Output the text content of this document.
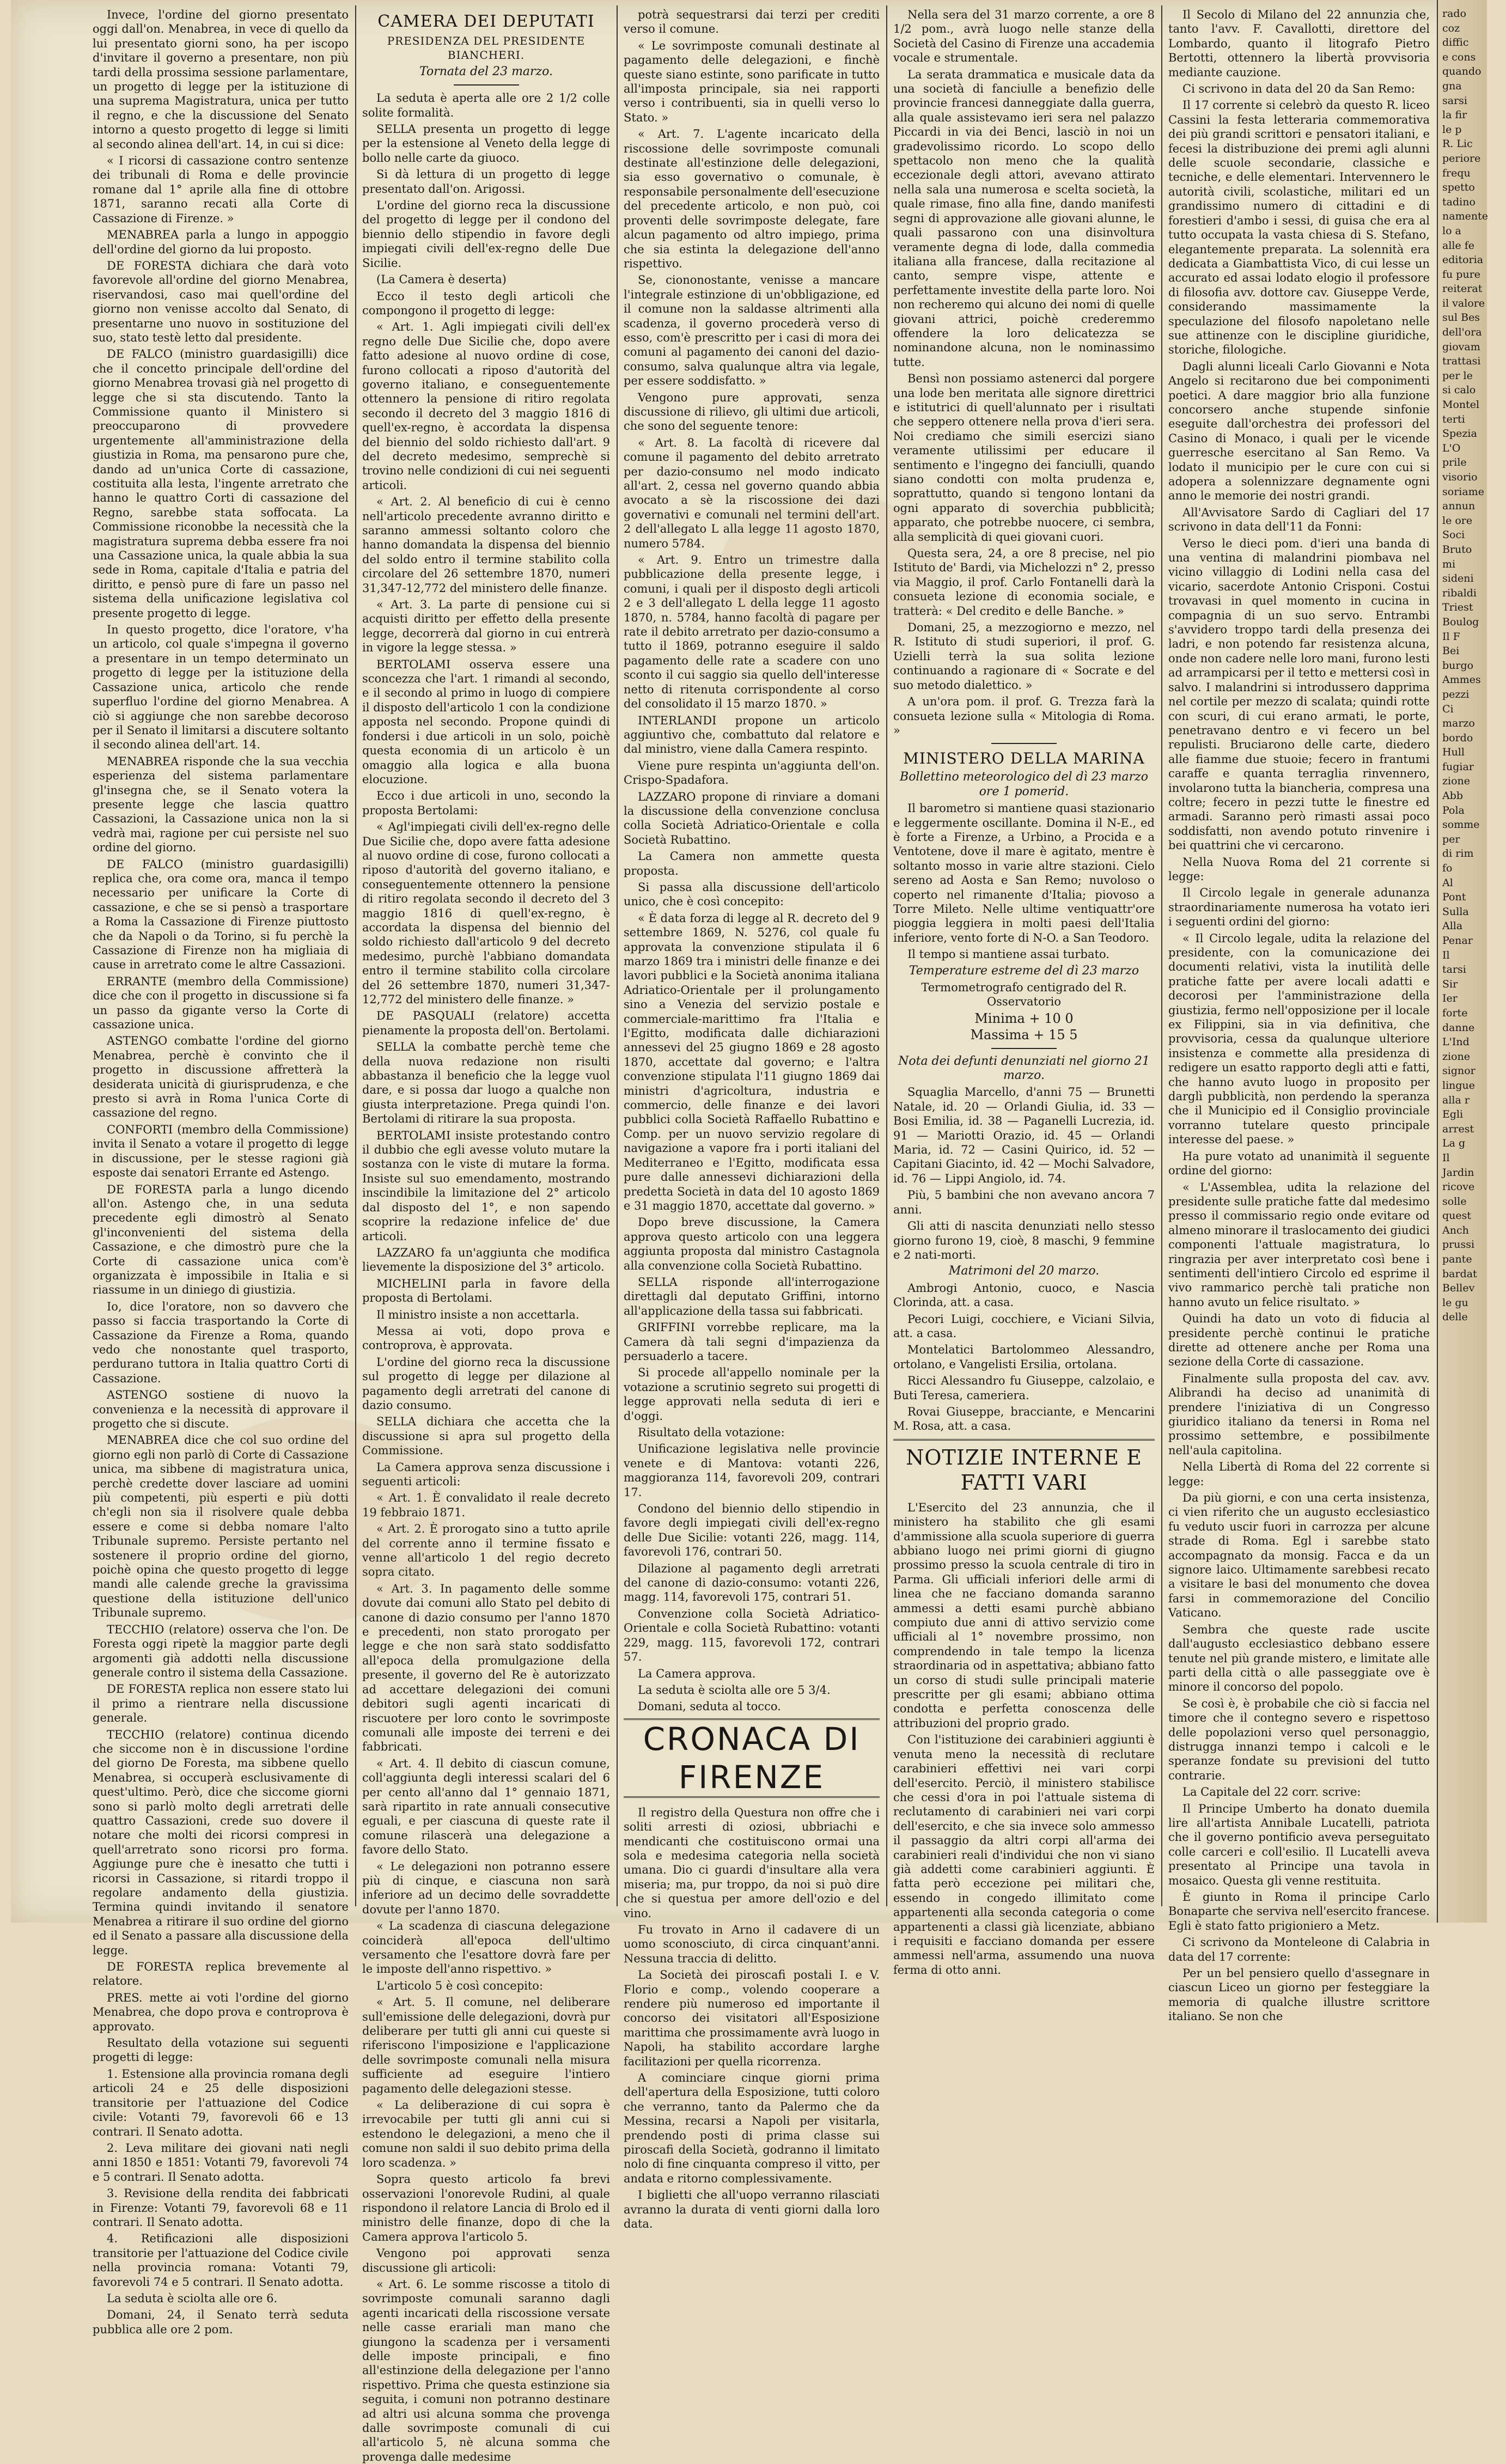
Invece, l'ordine del giorno presentato oggi dall'on. Menabrea, in vece di quello da lui presentato giorni sono, ha per iscopo d'invitare il governo a presentare, non più tardi della prossima sessione parlamentare, un progetto di legge per la istituzione di una suprema Magistratura, unica per tutto il regno, e che la discussione del Senato intorno a questo progetto di legge si limiti al secondo alinea dell'art. 14, in cui si dice:

« I ricorsi di cassazione contro sentenze dei tribunali di Roma e delle provincie romane dal 1° aprile alla fine di ottobre 1871, saranno recati alla Corte di Cassazione di Firenze. »

MENABREA parla a lungo in appoggio dell'ordine del giorno da lui proposto.

DE FORESTA dichiara che darà voto favorevole all'ordine del giorno Menabrea, riservandosi, caso mai quell'ordine del giorno non venisse accolto dal Senato, di presentarne uno nuovo in sostituzione del suo, stato testè letto dal presidente.

DE FALCO (ministro guardasigilli) dice che il concetto principale dell'ordine del giorno Menabrea trovasi già nel progetto di legge che si sta discutendo. Tanto la Commissione quanto il Ministero si preoccuparono di provvedere urgentemente all'amministrazione della giustizia in Roma, ma pensarono pure che, dando ad un'unica Corte di cassazione, costituita alla lesta, l'ingente arretrato che hanno le quattro Corti di cassazione del Regno, sarebbe stata soffocata. La Commissione riconobbe la necessità che la magistratura suprema debba essere fra noi una Cassazione unica, la quale abbia la sua sede in Roma, capitale d'Italia e patria del diritto, e pensò pure di fare un passo nel sistema della unificazione legislativa col presente progetto di legge.

In questo progetto, dice l'oratore, v'ha un articolo, col quale s'impegna il governo a presentare in un tempo determinato un progetto di legge per la istituzione della Cassazione unica, articolo che rende superfluo l'ordine del giorno Menabrea. A ciò si aggiunge che non sarebbe decoroso per il Senato il limitarsi a discutere soltanto il secondo alinea dell'art. 14.

MENABREA risponde che la sua vecchia esperienza del sistema parlamentare gl'insegna che, se il Senato votera la presente legge che lascia quattro Cassazioni, la Cassazione unica non la si vedrà mai, ragione per cui persiste nel suo ordine del giorno.

DE FALCO (ministro guardasigilli) replica che, ora come ora, manca il tempo necessario per unificare la Corte di cassazione, e che se si pensò a trasportare a Roma la Cassazione di Firenze piuttosto che da Napoli o da Torino, si fu perchè la Cassazione di Firenze non ha migliaia di cause in arretrato come le altre Cassazioni.

ERRANTE (membro della Commissione) dice che con il progetto in discussione si fa un passo da gigante verso la Corte di cassazione unica.

ASTENGO combatte l'ordine del giorno Menabrea, perchè è convinto che il progetto in discussione affretterà la desiderata unicità di giurisprudenza, e che presto si avrà in Roma l'unica Corte di cassazione del regno.

CONFORTI (membro della Commissione) invita il Senato a votare il progetto di legge in discussione, per le stesse ragioni già esposte dai senatori Errante ed Astengo.

DE FORESTA parla a lungo dicendo all'on. Astengo che, in una seduta precedente egli dimostrò al Senato gl'inconvenienti del sistema della Cassazione, e che dimostrò pure che la Corte di cassazione unica com'è organizzata è impossibile in Italia e si riassume in un diniego di giustizia.

Io, dice l'oratore, non so davvero che passo si faccia trasportando la Corte di Cassazione da Firenze a Roma, quando vedo che nonostante quel trasporto, perdurano tuttora in Italia quattro Corti di Cassazione.

ASTENGO sostiene di nuovo la convenienza e la necessità di approvare il progetto che si discute.

MENABREA dice che col suo ordine del giorno egli non parlò di Corte di Cassazione unica, ma sibbene di magistratura unica, perchè credette dover lasciare ad uomini più competenti, più esperti e più dotti ch'egli non sia il risolvere quale debba essere e come si debba nomare l'alto Tribunale supremo. Persiste pertanto nel sostenere il proprio ordine del giorno, poichè opina che questo progetto di legge mandi alle calende greche la gravissima questione della istituzione dell'unico Tribunale supremo.

TECCHIO (relatore) osserva che l'on. De Foresta oggi ripetè la maggior parte degli argomenti già addotti nella discussione generale contro il sistema della Cassazione.

DE FORESTA replica non essere stato lui il primo a rientrare nella discussione generale.

TECCHIO (relatore) continua dicendo che siccome non è in discussione l'ordine del giorno De Foresta, ma sibbene quello Menabrea, si occuperà esclusivamente di quest'ultimo. Però, dice che siccome giorni sono si parlò molto degli arretrati delle quattro Cassazioni, crede suo dovere il notare che molti dei ricorsi compresi in quell'arretrato sono ricorsi pro forma. Aggiunge pure che è inesatto che tutti i ricorsi in Cassazione, si ritardi troppo il regolare andamento della giustizia. Termina quindi invitando il senatore Menabrea a ritirare il suo ordine del giorno ed il Senato a passare alla discussione della legge.

DE FORESTA replica brevemente al relatore.

PRES. mette ai voti l'ordine del giorno Menabrea, che dopo prova e controprova è approvato.

Resultato della votazione sui seguenti progetti di legge:

1. Estensione alla provincia romana degli articoli 24 e 25 delle disposizioni transitorie per l'attuazione del Codice civile: Votanti 79, favorevoli 66 e 13 contrari. Il Senato adotta.

2. Leva militare dei giovani nati negli anni 1850 e 1851: Votanti 79, favorevoli 74 e 5 contrari. Il Senato adotta.

3. Revisione della rendita dei fabbricati in Firenze: Votanti 79, favorevoli 68 e 11 contrari. Il Senato adotta.

4. Retificazioni alle disposizioni transitorie per l'attuazione del Codice civile nella provincia romana: Votanti 79, favorevoli 74 e 5 contrari. Il Senato adotta.

La seduta è sciolta alle ore 6.

Domani, 24, il Senato terrà seduta pubblica alle ore 2 pom.

CAMERA DEI DEPUTATI
PRESIDENZA DEL PRESIDENTE BIANCHERI.
Tornata del 23 marzo.

La seduta è aperta alle ore 2 1/2 colle solite formalità.

SELLA presenta un progetto di legge per la estensione al Veneto della legge di bollo nelle carte da giuoco.

Si dà lettura di un progetto di legge presentato dall'on. Arigossi.

L'ordine del giorno reca la discussione del progetto di legge per il condono del biennio dello stipendio in favore degli impiegati civili dell'ex-regno delle Due Sicilie.

(La Camera è deserta)

Ecco il testo degli articoli che compongono il progetto di legge:

« Art. 1. Agli impiegati civili dell'ex regno delle Due Sicilie che, dopo avere fatto adesione al nuovo ordine di cose, furono collocati a riposo d'autorità del governo italiano, e conseguentemente ottennero la pensione di ritiro regolata secondo il decreto del 3 maggio 1816 di quell'ex-regno, è accordata la dispensa del biennio del soldo richiesto dall'art. 9 del decreto medesimo, semprechè si trovino nelle condizioni di cui nei seguenti articoli.

« Art. 2. Al beneficio di cui è cenno nell'articolo precedente avranno diritto e saranno ammessi soltanto coloro che hanno domandata la dispensa del biennio del soldo entro il termine stabilito colla circolare del 26 settembre 1870, numeri 31,347-12,772 del ministero delle finanze.

« Art. 3. La parte di pensione cui si acquisti diritto per effetto della presente legge, decorrerà dal giorno in cui entrerà in vigore la legge stessa. »

BERTOLAMI osserva essere una sconcezza che l'art. 1 rimandi al secondo, e il secondo al primo in luogo di compiere il disposto dell'articolo 1 con la condizione apposta nel secondo. Propone quindi di fondersi i due articoli in un solo, poichè questa economia di un articolo è un omaggio alla logica e alla buona elocuzione.

Ecco i due articoli in uno, secondo la proposta Bertolami:

« Agl'impiegati civili dell'ex-regno delle Due Sicilie che, dopo avere fatta adesione al nuovo ordine di cose, furono collocati a riposo d'autorità del governo italiano, e conseguentemente ottennero la pensione di ritiro regolata secondo il decreto del 3 maggio 1816 di quell'ex-regno, è accordata la dispensa del biennio del soldo richiesto dall'articolo 9 del decreto medesimo, purchè l'abbiano domandata entro il termine stabilito colla circolare del 26 settembre 1870, numeri 31,347-12,772 del ministero delle finanze. »

DE PASQUALI (relatore) accetta pienamente la proposta dell'on. Bertolami.

SELLA la combatte perchè teme che della nuova redazione non risulti abbastanza il beneficio che la legge vuol dare, e si possa dar luogo a qualche non giusta interpretazione. Prega quindi l'on. Bertolami di ritirare la sua proposta.

BERTOLAMI insiste protestando contro il dubbio che egli avesse voluto mutare la sostanza con le viste di mutare la forma. Insiste sul suo emendamento, mostrando inscindibile la limitazione del 2° articolo dal disposto del 1°, e non sapendo scoprire la redazione infelice de' due articoli.

LAZZARO fa un'aggiunta che modifica lievemente la disposizione del 3° articolo.

MICHELINI parla in favore della proposta di Bertolami.

Il ministro insiste a non accettarla.

Messa ai voti, dopo prova e controprova, è approvata.

L'ordine del giorno reca la discussione sul progetto di legge per dilazione al pagamento degli arretrati del canone di dazio consumo.

SELLA dichiara che accetta che la discussione si apra sul progetto della Commissione.

La Camera approva senza discussione i seguenti articoli:

« Art. 1. È convalidato il reale decreto 19 febbraio 1871.

« Art. 2. È prorogato sino a tutto aprile del corrente anno il termine fissato e venne all'articolo 1 del regio decreto sopra citato.

« Art. 3. In pagamento delle somme dovute dai comuni allo Stato pel debito di canone di dazio consumo per l'anno 1870 e precedenti, non stato prorogato per legge e che non sarà stato soddisfatto all'epoca della promulgazione della presente, il governo del Re è autorizzato ad accettare delegazioni dei comuni debitori sugli agenti incaricati di riscuotere per loro conto le sovrimposte comunali alle imposte dei terreni e dei fabbricati.

« Art. 4. Il debito di ciascun comune, coll'aggiunta degli interessi scalari del 6 per cento all'anno dal 1° gennaio 1871, sarà ripartito in rate annuali consecutive eguali, e per ciascuna di queste rate il comune rilascerà una delegazione a favore dello Stato.

« Le delegazioni non potranno essere più di cinque, e ciascuna non sarà inferiore ad un decimo delle sovraddette dovute per l'anno 1870.

« La scadenza di ciascuna delegazione coinciderà all'epoca dell'ultimo versamento che l'esattore dovrà fare per le imposte dell'anno rispettivo. »

L'articolo 5 è così concepito:

« Art. 5. Il comune, nel deliberare sull'emissione delle delegazioni, dovrà pur deliberare per tutti gli anni cui queste si riferiscono l'imposizione e l'applicazione delle sovrimposte comunali nella misura sufficiente ad eseguire l'intiero pagamento delle delegazioni stesse.

« La deliberazione di cui sopra è irrevocabile per tutti gli anni cui si estendono le delegazioni, a meno che il comune non saldi il suo debito prima della loro scadenza. »

Sopra questo articolo fa brevi osservazioni l'onorevole Rudini, al quale rispondono il relatore Lancia di Brolo ed il ministro delle finanze, dopo di che la Camera approva l'articolo 5.

Vengono poi approvati senza discussione gli articoli:

« Art. 6. Le somme riscosse a titolo di sovrimposte comunali saranno dagli agenti incaricati della riscossione versate nelle casse erariali man mano che giungono la scadenza per i versamenti delle imposte principali, e fino all'estinzione della delegazione per l'anno rispettivo. Prima che questa estinzione sia seguita, i comuni non potranno destinare ad altri usi alcuna somma che provenga dalle sovrimposte comunali di cui all'articolo 5, nè alcuna somma che provenga dalle medesime

potrà sequestrarsi dai terzi per crediti verso il comune.

« Le sovrimposte comunali destinate al pagamento delle delegazioni, e finchè queste siano estinte, sono parificate in tutto all'imposta principale, sia nei rapporti verso i contribuenti, sia in quelli verso lo Stato. »

« Art. 7. L'agente incaricato della riscossione delle sovrimposte comunali destinate all'estinzione delle delegazioni, sia esso governativo o comunale, è responsabile personalmente dell'esecuzione del precedente articolo, e non può, coi proventi delle sovrimposte delegate, fare alcun pagamento od altro impiego, prima che sia estinta la delegazione dell'anno rispettivo.

Se, ciononostante, venisse a mancare l'integrale estinzione di un'obbligazione, ed il comune non la saldasse altrimenti alla scadenza, il governo procederà verso di esso, com'è prescritto per i casi di mora dei comuni al pagamento dei canoni del dazio-consumo, salva qualunque altra via legale, per essere soddisfatto. »

Vengono pure approvati, senza discussione di rilievo, gli ultimi due articoli, che sono del seguente tenore:

« Art. 8. La facoltà di ricevere dal comune il pagamento del debito arretrato per dazio-consumo nel modo indicato all'art. 2, cessa nel governo quando abbia avocato a sè la riscossione dei dazi governativi e comunali nel termini dell'art. 2 dell'allegato L alla legge 11 agosto 1870, numero 5784.

« Art. 9. Entro un trimestre dalla pubblicazione della presente legge, i comuni, i quali per il disposto degli articoli 2 e 3 dell'allegato L della legge 11 agosto 1870, n. 5784, hanno facoltà di pagare per rate il debito arretrato per dazio-consumo a tutto il 1869, potranno eseguire il saldo pagamento delle rate a scadere con uno sconto il cui saggio sia quello dell'interesse netto di ritenuta corrispondente al corso del consolidato il 15 marzo 1870. »

INTERLANDI propone un articolo aggiuntivo che, combattuto dal relatore e dal ministro, viene dalla Camera respinto.

Viene pure respinta un'aggiunta dell'on. Crispo-Spadafora.

LAZZARO propone di rinviare a domani la discussione della convenzione conclusa colla Società Adriatico-Orientale e colla Società Rubattino.

La Camera non ammette questa proposta.

Si passa alla discussione dell'articolo unico, che è così concepito:

« È data forza di legge al R. decreto del 9 settembre 1869, N. 5276, col quale fu approvata la convenzione stipulata il 6 marzo 1869 tra i ministri delle finanze e dei lavori pubblici e la Società anonima italiana Adriatico-Orientale per il prolungamento sino a Venezia del servizio postale e commerciale-marittimo fra l'Italia e l'Egitto, modificata dalle dichiarazioni annessevi del 25 giugno 1869 e 28 agosto 1870, accettate dal governo; e l'altra convenzione stipulata l'11 giugno 1869 dai ministri d'agricoltura, industria e commercio, delle finanze e dei lavori pubblici colla Società Raffaello Rubattino e Comp. per un nuovo servizio regolare di navigazione a vapore fra i porti italiani del Mediterraneo e l'Egitto, modificata essa pure dalle annessevi dichiarazioni della predetta Società in data del 10 agosto 1869 e 31 maggio 1870, accettate dal governo. »

Dopo breve discussione, la Camera approva questo articolo con una leggera aggiunta proposta dal ministro Castagnola alla convenzione colla Società Rubattino.

SELLA risponde all'interrogazione direttagli dal deputato Griffini, intorno all'applicazione della tassa sui fabbricati.

GRIFFINI vorrebbe replicare, ma la Camera dà tali segni d'impazienza da persuaderlo a tacere.

Si procede all'appello nominale per la votazione a scrutinio segreto sui progetti di legge approvati nella seduta di ieri e d'oggi.

Risultato della votazione:

Unificazione legislativa nelle provincie venete e di Mantova: votanti 226, maggioranza 114, favorevoli 209, contrari 17.

Condono del biennio dello stipendio in favore degli impiegati civili dell'ex-regno delle Due Sicilie: votanti 226, magg. 114, favorevoli 176, contrari 50.

Dilazione al pagamento degli arretrati del canone di dazio-consumo: votanti 226, magg. 114, favorevoli 175, contrari 51.

Convenzione colla Società Adriatico-Orientale e colla Società Rubattino: votanti 229, magg. 115, favorevoli 172, contrari 57.

La Camera approva.

La seduta è sciolta alle ore 5 3/4.

Domani, seduta al tocco.

CRONACA DI FIRENZE

Il registro della Questura non offre che i soliti arresti di oziosi, ubbriachi e mendicanti che costituiscono ormai una sola e medesima categoria nella società umana. Dio ci guardi d'insultare alla vera miseria; ma, pur troppo, da noi si può dire che si questua per amore dell'ozio e del vino.

Fu trovato in Arno il cadavere di un uomo sconosciuto, di circa cinquant'anni. Nessuna traccia di delitto.

La Società dei piroscafi postali I. e V. Florio e comp., volendo cooperare a rendere più numeroso ed importante il concorso dei visitatori all'Esposizione marittima che prossimamente avrà luogo in Napoli, ha stabilito accordare larghe facilitazioni per quella ricorrenza.

A cominciare cinque giorni prima dell'apertura della Esposizione, tutti coloro che verranno, tanto da Palermo che da Messina, recarsi a Napoli per visitarla, prendendo posti di prima classe sui piroscafi della Società, godranno il limitato nolo di fine cinquanta compreso il vitto, per andata e ritorno complessivamente.

I biglietti che all'uopo verranno rilasciati avranno la durata di venti giorni dalla loro data.

Nella sera del 31 marzo corrente, a ore 8 1/2 pom., avrà luogo nelle stanze della Società del Casino di Firenze una accademia vocale e strumentale.

La serata drammatica e musicale data da una società di fanciulle a benefizio delle provincie francesi danneggiate dalla guerra, alla quale assistevamo ieri sera nel palazzo Piccardi in via dei Benci, lasciò in noi un gradevolissimo ricordo. Lo scopo dello spettacolo non meno che la qualità eccezionale degli attori, avevano attirato nella sala una numerosa e scelta società, la quale rimase, fino alla fine, dando manifesti segni di approvazione alle giovani alunne, le quali passarono con una disinvoltura veramente degna di lode, dalla commedia italiana alla francese, dalla recitazione al canto, sempre vispe, attente e perfettamente investite della parte loro. Noi non recheremo qui alcuno dei nomi di quelle giovani attrici, poichè crederemmo offendere la loro delicatezza se nominandone alcuna, non le nominassimo tutte.

Bensì non possiamo astenerci dal porgere una lode ben meritata alle signore direttrici e istitutrici di quell'alunnato per i risultati che seppero ottenere nella prova d'ieri sera. Noi crediamo che simili esercizi siano veramente utilissimi per educare il sentimento e l'ingegno dei fanciulli, quando siano condotti con molta prudenza e, soprattutto, quando si tengono lontani da ogni apparato di soverchia pubblicità; apparato, che potrebbe nuocere, ci sembra, alla semplicità di quei giovani cuori.

Questa sera, 24, a ore 8 precise, nel pio Istituto de' Bardi, via Michelozzi n° 2, presso via Maggio, il prof. Carlo Fontanelli darà la consueta lezione di economia sociale, e tratterà: « Del credito e delle Banche. »

Domani, 25, a mezzogiorno e mezzo, nel R. Istituto di studi superiori, il prof. G. Uzielli terrà la sua solita lezione continuando a ragionare di « Socrate e del suo metodo dialettico. »

A un'ora pom. il prof. G. Trezza farà la consueta lezione sulla « Mitologia di Roma. »

MINISTERO DELLA MARINA
Bollettino meteorologico del dì 23 marzo ore 1 pomerid.

Il barometro si mantiene quasi stazionario e leggermente oscillante. Domina il N-E., ed è forte a Firenze, a Urbino, a Procida e a Ventotene, dove il mare è agitato, mentre è soltanto mosso in varie altre stazioni. Cielo sereno ad Aosta e San Remo; nuvoloso o coperto nel rimanente d'Italia; piovoso a Torre Mileto. Nelle ultime ventiquattr'ore pioggia leggiera in molti paesi dell'Italia inferiore, vento forte di N-O. a San Teodoro.

Il tempo si mantiene assai turbato.

Temperature estreme del dì 23 marzo

Termometrografo centigrado del R. Osservatorio

Minima + 10 0
Massima + 15 5
Nota dei defunti denunziati nel giorno 21 marzo.

Squaglia Marcello, d'anni 75 — Brunetti Natale, id. 20 — Orlandi Giulia, id. 33 — Bosi Emilia, id. 38 — Paganelli Lucrezia, id. 91 — Mariotti Orazio, id. 45 — Orlandi Maria, id. 72 — Casini Quirico, id. 52 — Capitani Giacinto, id. 42 — Mochi Salvadore, id. 76 — Lippi Angiolo, id. 74.

Più, 5 bambini che non avevano ancora 7 anni.

Gli atti di nascita denunziati nello stesso giorno furono 19, cioè, 8 maschi, 9 femmine e 2 nati-morti.

Matrimoni del 20 marzo.

Ambrogi Antonio, cuoco, e Nascia Clorinda, att. a casa.

Pecori Luigi, cocchiere, e Viciani Silvia, att. a casa.

Montelatici Bartolommeo Alessandro, ortolano, e Vangelisti Ersilia, ortolana.

Ricci Alessandro fu Giuseppe, calzolaio, e Buti Teresa, cameriera.

Rovai Giuseppe, bracciante, e Mencarini M. Rosa, att. a casa.

NOTIZIE INTERNE E FATTI VARI

L'Esercito del 23 annunzia, che il ministero ha stabilito che gli esami d'ammissione alla scuola superiore di guerra abbiano luogo nei primi giorni di giugno prossimo presso la scuola centrale di tiro in Parma. Gli ufficiali inferiori delle armi di linea che ne facciano domanda saranno ammessi a detti esami purchè abbiano compiuto due anni di attivo servizio come ufficiali al 1° novembre prossimo, non comprendendo in tale tempo la licenza straordinaria od in aspettativa; abbiano fatto un corso di studi sulle principali materie prescritte per gli esami; abbiano ottima condotta e perfetta conoscenza delle attribuzioni del proprio grado.

Con l'istituzione dei carabinieri aggiunti è venuta meno la necessità di reclutare carabinieri effettivi nei vari corpi dell'esercito. Perciò, il ministero stabilisce che cessi d'ora in poi l'attuale sistema di reclutamento di carabinieri nei vari corpi dell'esercito, e che sia invece solo ammesso il passaggio da altri corpi all'arma dei carabinieri reali d'individui che non vi siano già addetti come carabinieri aggiunti. È fatta però eccezione pei militari che, essendo in congedo illimitato come appartenenti alla seconda categoria o come appartenenti a classi già licenziate, abbiano i requisiti e facciano domanda per essere ammessi nell'arma, assumendo una nuova ferma di otto anni.

Il Secolo di Milano del 22 annunzia che, tanto l'avv. F. Cavallotti, direttore del Lombardo, quanto il litografo Pietro Bertotti, ottennero la libertà provvisoria mediante cauzione.

Ci scrivono in data del 20 da San Remo:

Il 17 corrente si celebrò da questo R. liceo Cassini la festa letteraria commemorativa dei più grandi scrittori e pensatori italiani, e fecesi la distribuzione dei premi agli alunni delle scuole secondarie, classiche e tecniche, e delle elementari. Intervennero le autorità civili, scolastiche, militari ed un grandissimo numero di cittadini e di forestieri d'ambo i sessi, di guisa che era al tutto occupata la vasta chiesa di S. Stefano, elegantemente preparata. La solennità era dedicata a Giambattista Vico, di cui lesse un accurato ed assai lodato elogio il professore di filosofia avv. dottore cav. Giuseppe Verde, considerando massimamente la speculazione del filosofo napoletano nelle sue attinenze con le discipline giuridiche, storiche, filologiche.

Dagli alunni liceali Carlo Giovanni e Nota Angelo si recitarono due bei componimenti poetici. A dare maggior brio alla funzione concorsero anche stupende sinfonie eseguite dall'orchestra dei professori del Casino di Monaco, i quali per le vicende guerresche esercitano al San Remo. Va lodato il municipio per le cure con cui si adopera a solennizzare degnamente ogni anno le memorie dei nostri grandi.

All'Avvisatore Sardo di Cagliari del 17 scrivono in data dell'11 da Fonni:

Verso le dieci pom. d'ieri una banda di una ventina di malandrini piombava nel vicino villaggio di Lodini nella casa del vicario, sacerdote Antonio Crisponi. Costui trovavasi in quel momento in cucina in compagnia di un suo servo. Entrambi s'avvidero troppo tardi della presenza dei ladri, e non potendo far resistenza alcuna, onde non cadere nelle loro mani, furono lesti ad arrampicarsi per il tetto e mettersi così in salvo. I malandrini si introdussero dapprima nel cortile per mezzo di scalata; quindi rotte con scuri, di cui erano armati, le porte, penetravano dentro e vi fecero un bel repulisti. Bruciarono delle carte, diedero alle fiamme due stuoie; fecero in frantumi caraffe e quanta terraglia rinvennero, involarono tutta la biancheria, compresa una coltre; fecero in pezzi tutte le finestre ed armadi. Saranno però rimasti assai poco soddisfatti, non avendo potuto rinvenire i bei quattrini che vi cercarono.

Nella Nuova Roma del 21 corrente si legge:

Il Circolo legale in generale adunanza straordinariamente numerosa ha votato ieri i seguenti ordini del giorno:

« Il Circolo legale, udita la relazione del presidente, con la comunicazione dei documenti relativi, vista la inutilità delle pratiche fatte per avere locali adatti e decorosi per l'amministrazione della giustizia, fermo nell'opposizione per il locale ex Filippini, sia in via definitiva, che provvisoria, cessa da qualunque ulteriore insistenza e commette alla presidenza di redigere un esatto rapporto degli atti e fatti, che hanno avuto luogo in proposito per darglì pubblicità, non perdendo la speranza che il Municipio ed il Consiglio provinciale vorranno tutelare questo principale interesse del paese. »

Ha pure votato ad unanimità il seguente ordine del giorno:

« L'Assemblea, udita la relazione del presidente sulle pratiche fatte dal medesimo presso il commissario regio onde evitare od almeno minorare il traslocamento dei giudici componenti l'attuale magistratura, lo ringrazia per aver interpretato così bene i sentimenti dell'intiero Circolo ed esprime il vivo rammarico perchè tali pratiche non hanno avuto un felice risultato. »

Quindi ha dato un voto di fiducia al presidente perchè continui le pratiche dirette ad ottenere anche per Roma una sezione della Corte di cassazione.

Finalmente sulla proposta del cav. avv. Alibrandi ha deciso ad unanimità di prendere l'iniziativa di un Congresso giuridico italiano da tenersi in Roma nel prossimo settembre, e possibilmente nell'aula capitolina.

Nella Libertà di Roma del 22 corrente si legge:

Da più giorni, e con una certa insistenza, ci vien riferito che un augusto ecclesiastico fu veduto uscir fuori in carrozza per alcune strade di Roma. Egl i sarebbe stato accompagnato da monsig. Facca e da un signore laico. Ultimamente sarebbesi recato a visitare le basi del monumento che dovea farsi in commemorazione del Concilio Vaticano.

Sembra che queste rade uscite dall'augusto ecclesiastico debbano essere tenute nel più grande mistero, e limitate alle parti della città o alle passeggiate ove è minore il concorso del popolo.

Se così è, è probabile che ciò si faccia nel timore che il contegno severo e rispettoso delle popolazioni verso quel personaggio, distrugga innanzi tempo i calcoli e le speranze fondate su previsioni del tutto contrarie.

La Capitale del 22 corr. scrive:

Il Principe Umberto ha donato duemila lire all'artista Annibale Lucatelli, patriota che il governo pontificio aveva perseguitato colle carceri e coll'esilio. Il Lucatelli aveva presentato al Principe una tavola in mosaico. Questa gli venne restituita.

È giunto in Roma il principe Carlo Bonaparte che serviva nell'esercito francese. Egli è stato fatto prigioniero a Metz.

Ci scrivono da Monteleone di Calabria in data del 17 corrente:

Per un bel pensiero quello d'assegnare in ciascun Liceo un giorno per festeggiare la memoria di qualche illustre scrittore italiano. Se non che

rado
coz
diffic
e cons
quando
gna
sarsi
la fir
le p
R. Lic
periore
frequ
spetto
tadino
namente
lo a
alle fe
editoria
fu pure
reiterat
il valore
sul Bes
dell'ora
giovam
trattasi
per le
si calo
Montel
terti
Spezia
L'O
prile
visorio
soriame
annun
le ore
Soci
Bruto
mi
sideni
ribaldi
Triest
Boulog
Il F
Bei
burgo
Ammes
pezzi
Ci
marzo
bordo
Hull
fugiar
zione
Abb
Pola
somme
per
di rim
fo
Al
Pont
Sulla
Alla
Penar
Il
tarsi
Sir
Ier
forte
danne
L'Ind
zione
signor
lingue
alla r
Egli
arrest
La g
Il
Jardin
ricove
solle
quest
Anch
prussi
pante
bardat
Bellev
le gu
delle
